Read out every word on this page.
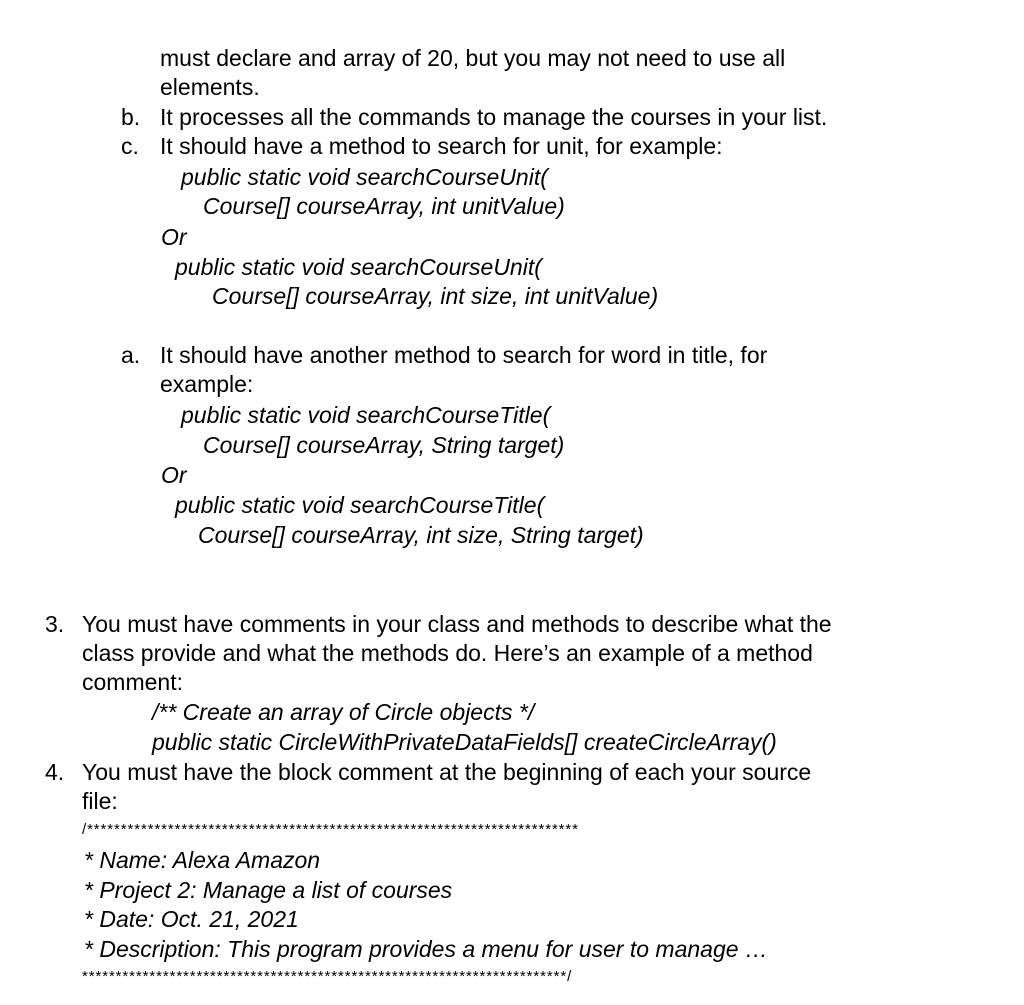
must declare and array of 20, but you may not need to use all
elements.
b. It processes all the commands to manage the courses in your list.
c. It should have a method to search for unit, for example:
public static void searchCourseUnit(
Course[] courseArray, int unitValue)
Or
public static void searchCourseUnit(
Course[] courseArray, int size, int unitValue)
a. It should have another method to search for word in title, for
example:
public static void searchCourseTitle(
Course[] courseArray, String target)
Or
public static void searchCourseTitle(
Course[] courseArray, int size, String target)
3. You must have comments in your class and methods to describe what the
class provide and what the methods do. Here’s an example of a method
comment:
/** Create an array of Circle objects */
public static CircleWithPrivateDataFields[] createCircleArray()
4. You must have the block comment at the beginning of each your source
file:
/*************************************************************************
* Name: Alexa Amazon
* Project 2: Manage a list of courses
* Date: Oct. 21, 2021
* Description: This program provides a menu for user to manage …
************************************************************************/
